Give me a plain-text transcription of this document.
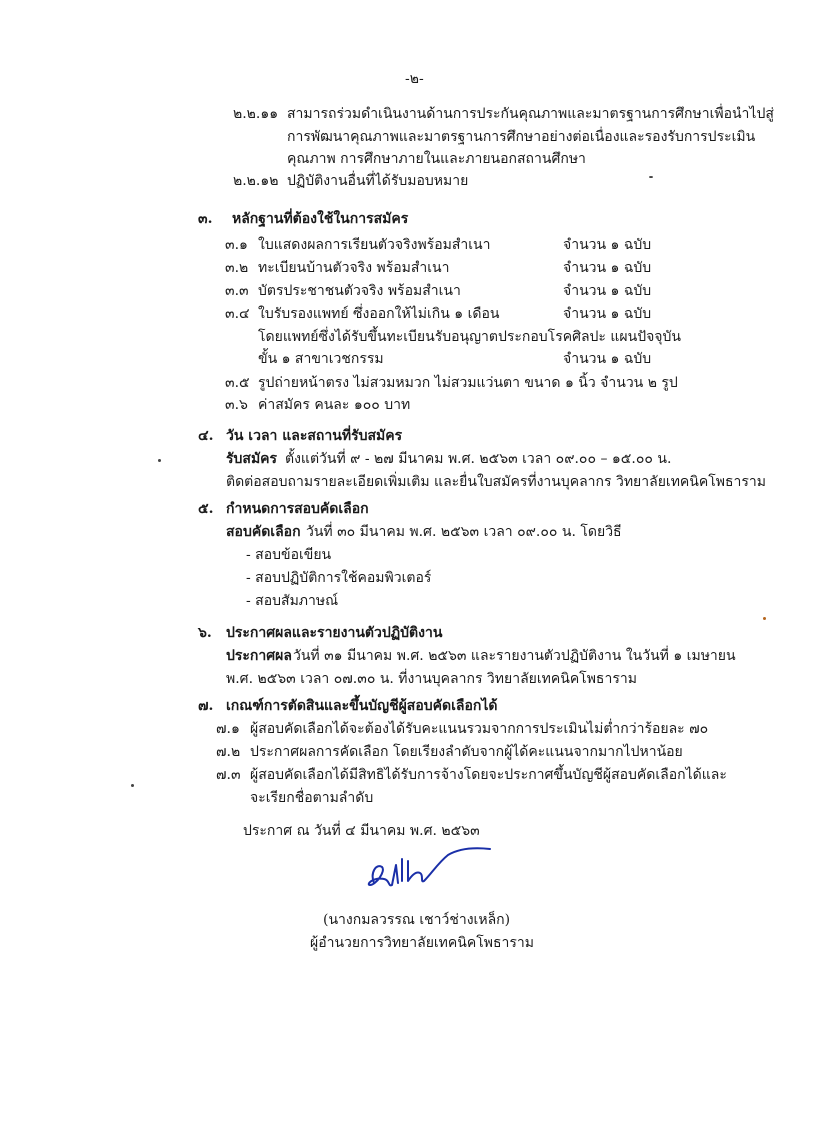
-๒-
๒.๒.๑๑ สามารถร่วมดำเนินงานด้านการประกันคุณภาพและมาตรฐานการศึกษาเพื่อนำไปสู่
การพัฒนาคุณภาพและมาตรฐานการศึกษาอย่างต่อเนื่องและรองรับการประเมิน
คุณภาพ การศึกษาภายในและภายนอกสถานศึกษา
๒.๒.๑๒ ปฏิบัติงานอื่นที่ได้รับมอบหมาย
๓. หลักฐานที่ต้องใช้ในการสมัคร
๓.๑ ใบแสดงผลการเรียนตัวจริงพร้อมสำเนา	จำนวน ๑ ฉบับ
๓.๒ ทะเบียนบ้านตัวจริง พร้อมสำเนา	จำนวน ๑ ฉบับ
๓.๓ บัตรประชาชนตัวจริง พร้อมสำเนา	จำนวน ๑ ฉบับ
๓.๔ ใบรับรองแพทย์ ซึ่งออกให้ไม่เกิน ๑ เดือน	จำนวน ๑ ฉบับ
โดยแพทย์ซึ่งได้รับขึ้นทะเบียนรับอนุญาตประกอบโรคศิลปะ แผนปัจจุบัน
ขั้น ๑ สาขาเวชกรรม	จำนวน ๑ ฉบับ
๓.๕ รูปถ่ายหน้าตรง ไม่สวมหมวก ไม่สวมแว่นตา ขนาด ๑ นิ้ว จำนวน ๒ รูป
๓.๖ ค่าสมัคร คนละ ๑๐๐ บาท
๔. วัน เวลา และสถานที่รับสมัคร
รับสมัคร ตั้งแต่วันที่ ๙ - ๒๗ มีนาคม พ.ศ. ๒๕๖๓ เวลา ๐๙.๐๐ – ๑๕.๐๐ น.
ติดต่อสอบถามรายละเอียดเพิ่มเติม และยื่นใบสมัครที่งานบุคลากร วิทยาลัยเทคนิคโพธาราม
๕. กำหนดการสอบคัดเลือก
สอบคัดเลือก วันที่ ๓๐ มีนาคม พ.ศ. ๒๕๖๓ เวลา ๐๙.๐๐ น. โดยวิธี
- สอบข้อเขียน
- สอบปฏิบัติการใช้คอมพิวเตอร์
- สอบสัมภาษณ์
๖. ประกาศผลและรายงานตัวปฏิบัติงาน
ประกาศผล วันที่ ๓๑ มีนาคม พ.ศ. ๒๕๖๓ และรายงานตัวปฏิบัติงาน ในวันที่ ๑ เมษายน
พ.ศ. ๒๕๖๓ เวลา ๐๗.๓๐ น. ที่งานบุคลากร วิทยาลัยเทคนิคโพธาราม
๗. เกณฑ์การตัดสินและขึ้นบัญชีผู้สอบคัดเลือกได้
๗.๑ ผู้สอบคัดเลือกได้จะต้องได้รับคะแนนรวมจากการประเมินไม่ต่ำกว่าร้อยละ ๗๐
๗.๒ ประกาศผลการคัดเลือก โดยเรียงลำดับจากผู้ได้คะแนนจากมากไปหาน้อย
๗.๓ ผู้สอบคัดเลือกได้มีสิทธิได้รับการจ้างโดยจะประกาศขึ้นบัญชีผู้สอบคัดเลือกได้และ
จะเรียกชื่อตามลำดับ
ประกาศ ณ วันที่ ๔ มีนาคม พ.ศ. ๒๕๖๓
(นางกมลวรรณ เชาว์ช่างเหล็ก)
ผู้อำนวยการวิทยาลัยเทคนิคโพธาราม
